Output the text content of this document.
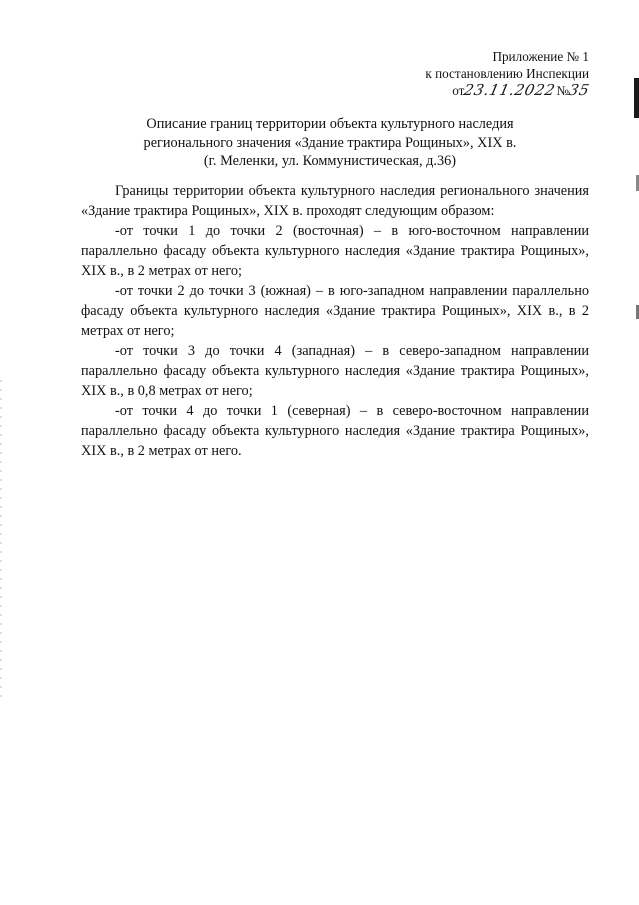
Приложение № 1
к постановлению Инспекции
от23.11.2022№35
Описание границ территории объекта культурного наследия
регионального значения «Здание трактира Рощиных», XIX в.
(г. Меленки, ул. Коммунистическая, д.36)

Границы территории объекта культурного наследия регионального значения «Здание трактира Рощиных», XIX в. проходят следующим образом:

-от точки 1 до точки 2 (восточная) – в юго-восточном направлении параллельно фасаду объекта культурного наследия «Здание трактира Рощиных», XIX в., в 2 метрах от него;

-от точки 2 до точки 3 (южная) – в юго-западном направлении параллельно фасаду объекта культурного наследия «Здание трактира Рощиных», XIX в., в 2 метрах от него;

-от точки 3 до точки 4 (западная) – в северо-западном направлении параллельно фасаду объекта культурного наследия «Здание трактира Рощиных», XIX в., в 0,8 метрах от него;

-от точки 4 до точки 1 (северная) – в северо-восточном направлении параллельно фасаду объекта культурного наследия «Здание трактира Рощиных», XIX в., в 2 метрах от него.
